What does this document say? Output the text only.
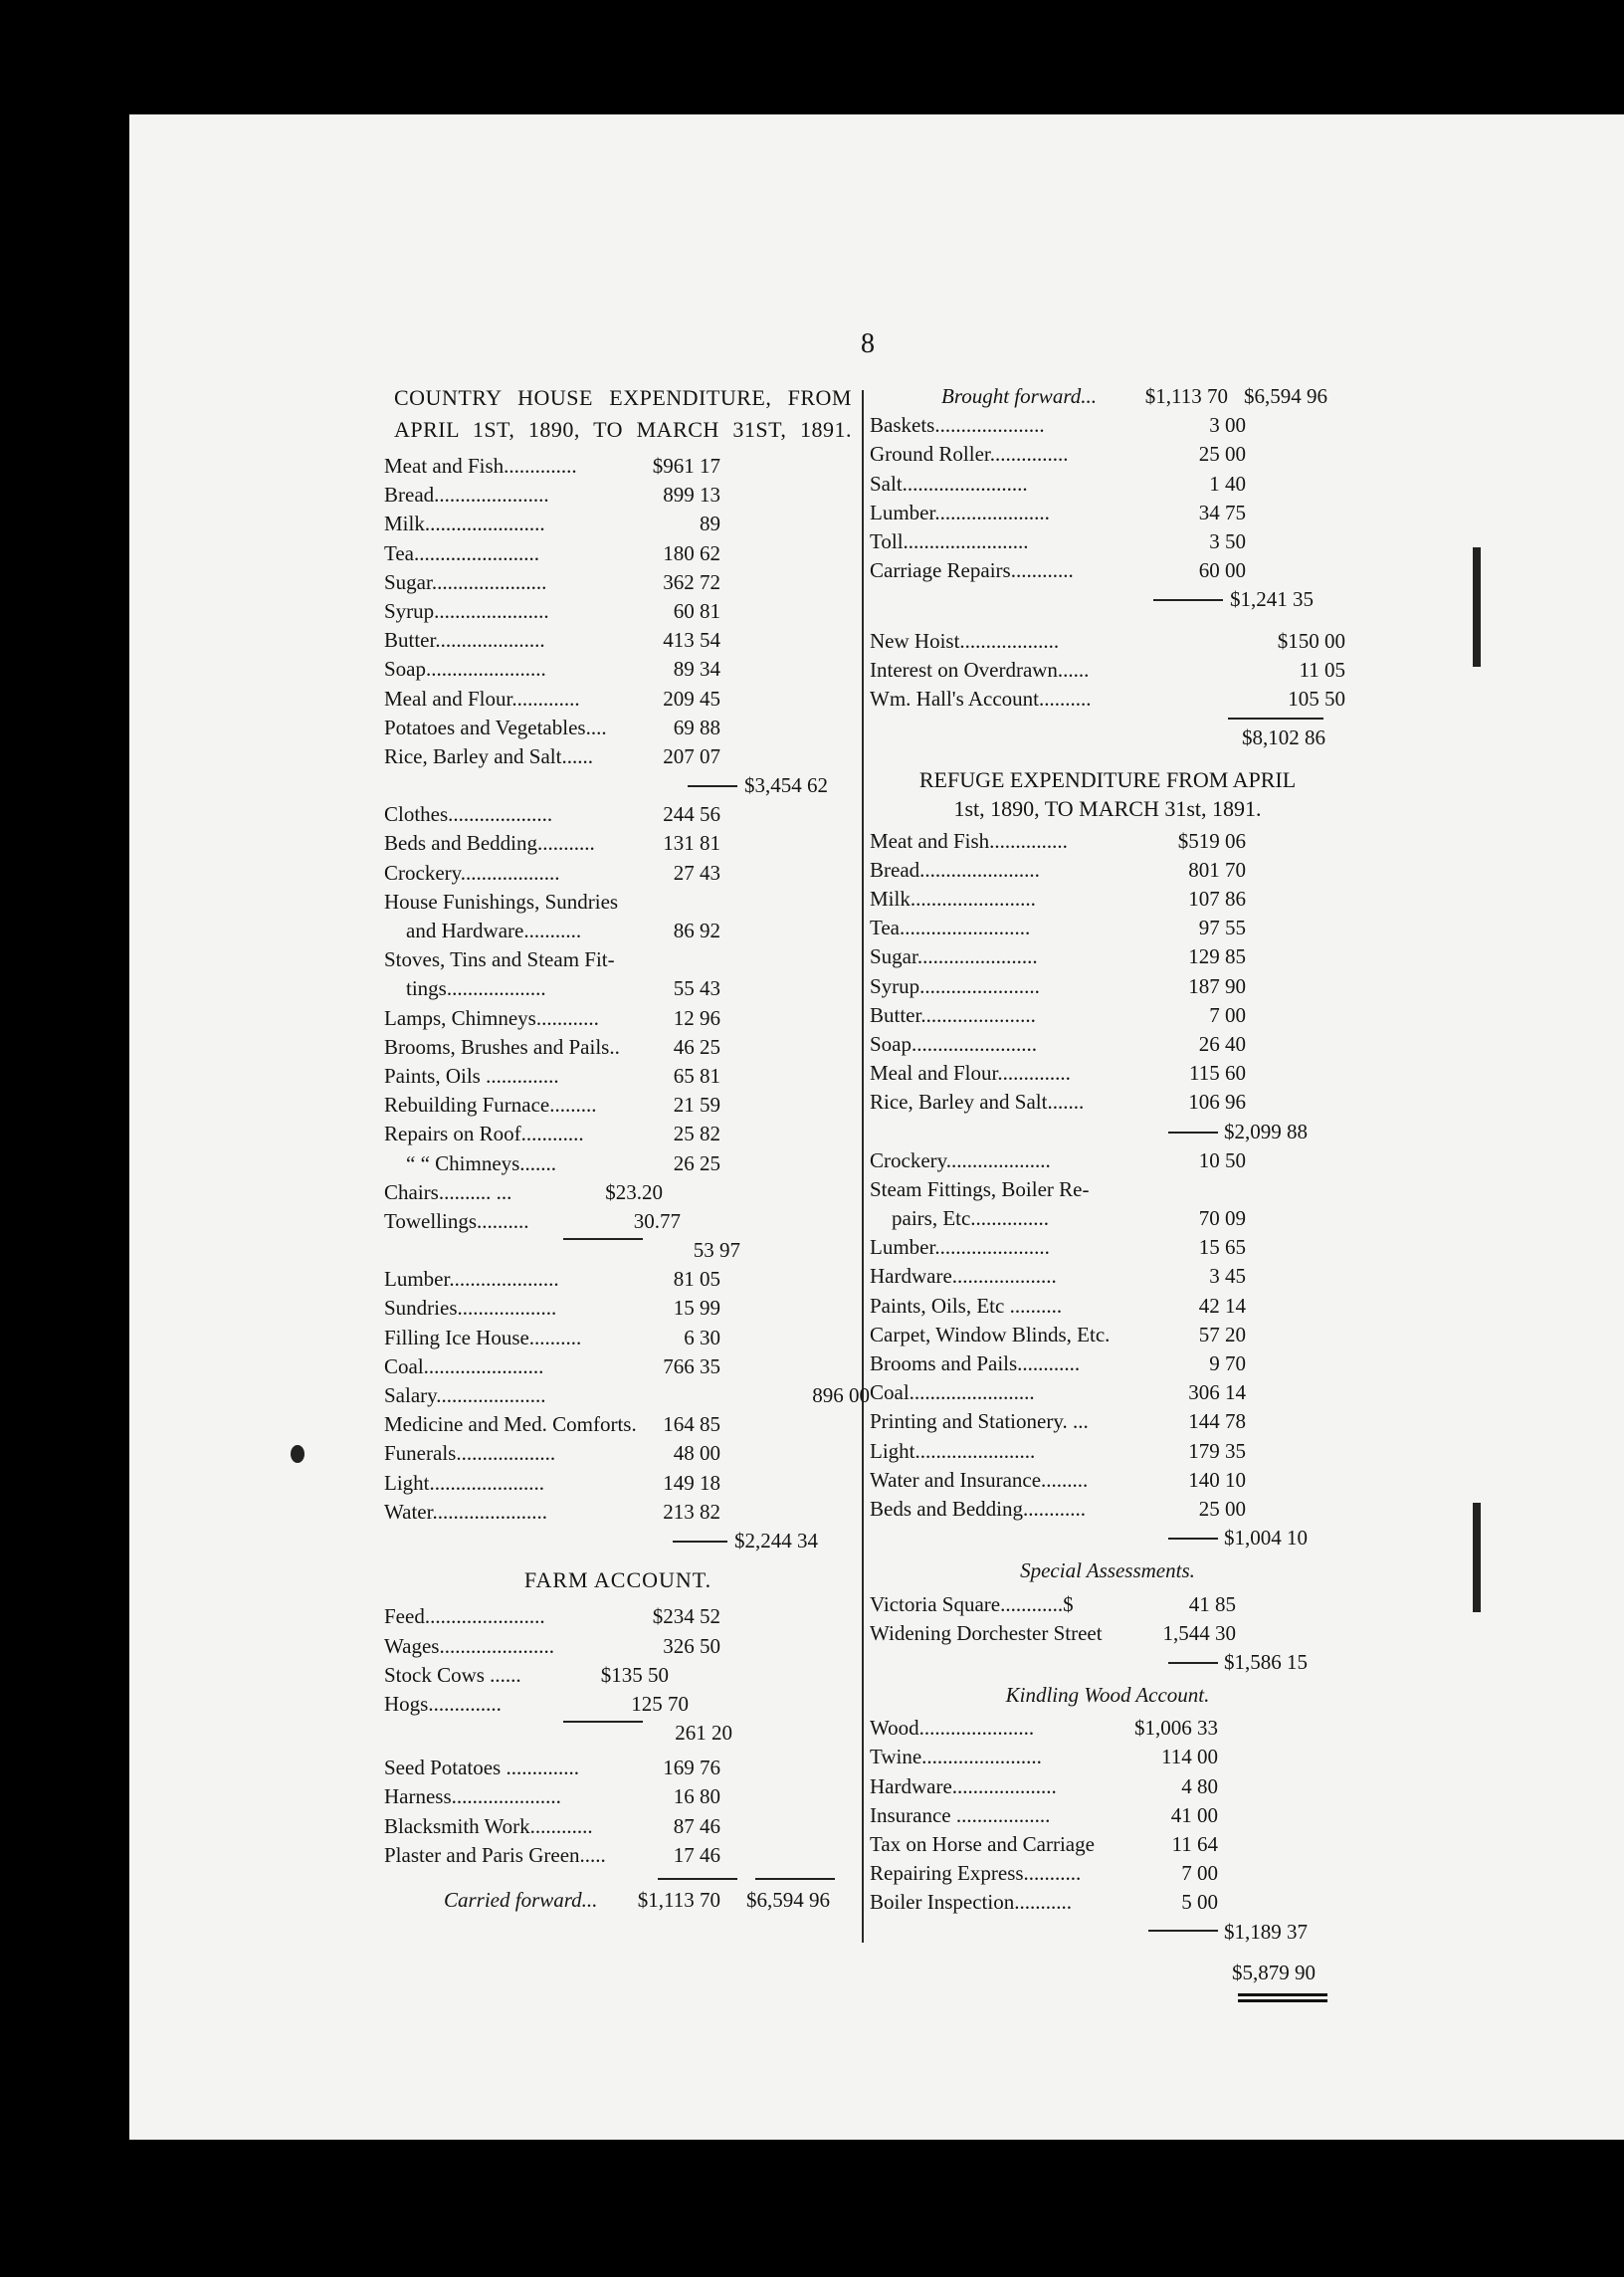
8
COUNTRY HOUSE EXPENDITURE, FROM APRIL 1ST, 1890, TO MARCH 31ST, 1891.
Meat and Fish..............	$961 17
Bread......................	899 13
Milk.......................	89
Tea........................	180 62
Sugar......................	362 72
Syrup......................	60 81
Butter.....................	413 54
Soap.......................	89 34
Meal and Flour.............	209 45
Potatoes and Vegetables....	69 88
Rice, Barley and Salt......	207 07
$3,454 62
Clothes....................	244 56
Beds and Bedding...........	131 81
Crockery...................	27 43
House Funishings, Sundries
and Hardware...........	86 92
Stoves, Tins and Steam Fit-
tings...................	55 43
Lamps, Chimneys............	12 96
Brooms, Brushes and Pails..	46 25
Paints, Oils ..............	65 81
Rebuilding Furnace.........	21 59
Repairs on Roof............	25 82
“ “ Chimneys.......	26 25
Chairs.......... ...	$23.20
Towellings..........	30.77
53 97
Lumber.....................	81 05
Sundries...................	15 99
Filling Ice House..........	6 30
Coal.......................	766 35
Salary.....................	896 00
Medicine and Med. Comforts. 164 85
Funerals...................	48 00
Light......................	149 18
Water......................	213 82
$2,244 34
FARM ACCOUNT.
Feed.......................	$234 52
Wages......................	326 50
Stock Cows ......	$135 50
Hogs..............	125 70
261 20
Seed Potatoes ..............	169 76
Harness.....................	16 80
Blacksmith Work............	87 46
Plaster and Paris Green.....	17 46
Carried forward... $1,113 70 $6,594 96
Brought forward... $1,113 70 $6,594 96
Baskets.....................	3 00
Ground Roller...............	25 00
Salt........................	1 40
Lumber......................	34 75
Toll........................	3 50
Carriage Repairs............	60 00
$1,241 35
New Hoist...................	$150 00
Interest on Overdrawn......	11 05
Wm. Hall's Account..........	105 50
$8,102 86
REFUGE EXPENDITURE FROM APRIL
1st, 1890, TO MARCH 31st, 1891.
Meat and Fish...............	$519 06
Bread.......................	801 70
Milk........................	107 86
Tea.........................	97 55
Sugar.......................	129 85
Syrup.......................	187 90
Butter......................	7 00
Soap........................	26 40
Meal and Flour..............	115 60
Rice, Barley and Salt.......	106 96
$2,099 88
Crockery....................	10 50
Steam Fittings, Boiler Re-
pairs, Etc...............	70 09
Lumber......................	15 65
Hardware....................	3 45
Paints, Oils, Etc ..........	42 14
Carpet, Window Blinds, Etc.	57 20
Brooms and Pails............	9 70
Coal........................	306 14
Printing and Stationery. ...	144 78
Light.......................	179 35
Water and Insurance.........	140 10
Beds and Bedding............	25 00
$1,004 10
Special Assessments.
Victoria Square............$	41 85
Widening Dorchester Street	1,544 30
$1,586 15
Kindling Wood Account.
Wood......................	$1,006 33
Twine.......................	114 00
Hardware....................	4 80
Insurance ..................	41 00
Tax on Horse and Carriage	11 64
Repairing Express...........	7 00
Boiler Inspection...........	5 00
$1,189 37
$5,879 90
